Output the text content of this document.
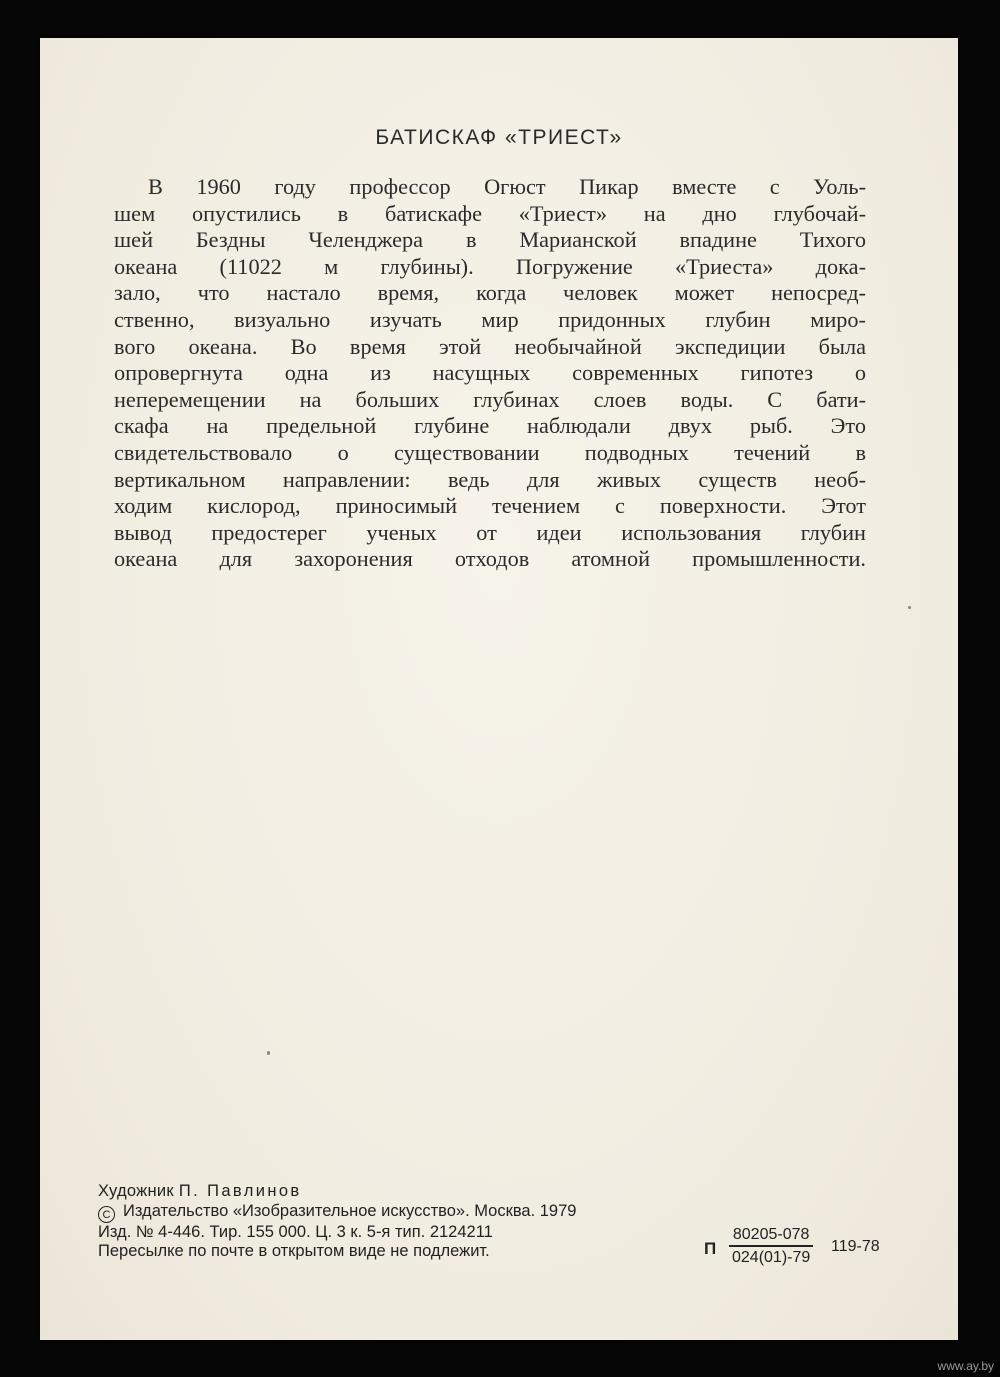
БАТИСКАФ «ТРИЕСТ»
В 1960 году профессор Огюст Пикар вместе с Уоль-
шем опустились в батискафе «Триест» на дно глубочай-
шей Бездны Челенджера в Марианской впадине Тихого
океана (11022 м глубины). Погружение «Триеста» дока-
зало, что настало время, когда человек может непосред-
ственно, визуально изучать мир придонных глубин миро-
вого океана. Во время этой необычайной экспедиции была
опровергнута одна из насущных современных гипотез о
неперемещении на больших глубинах слоев воды. С бати-
скафа на предельной глубине наблюдали двух рыб. Это
свидетельствовало о существовании подводных течений в
вертикальном направлении: ведь для живых существ необ-
ходим кислород, приносимый течением с поверхности. Этот
вывод предостерег ученых от идеи использования глубин
океана для захоронения отходов атомной промышленности.
Художник П. Павлинов
C Издательство «Изобразительное искусство». Москва. 1979
Изд. № 4-446. Тир. 155 000. Ц. 3 к. 5-я тип. 2124211
Пересылке по почте в открытом виде не подлежит.	П
80205-078
024(01)-79
119-78
www.ay.by
